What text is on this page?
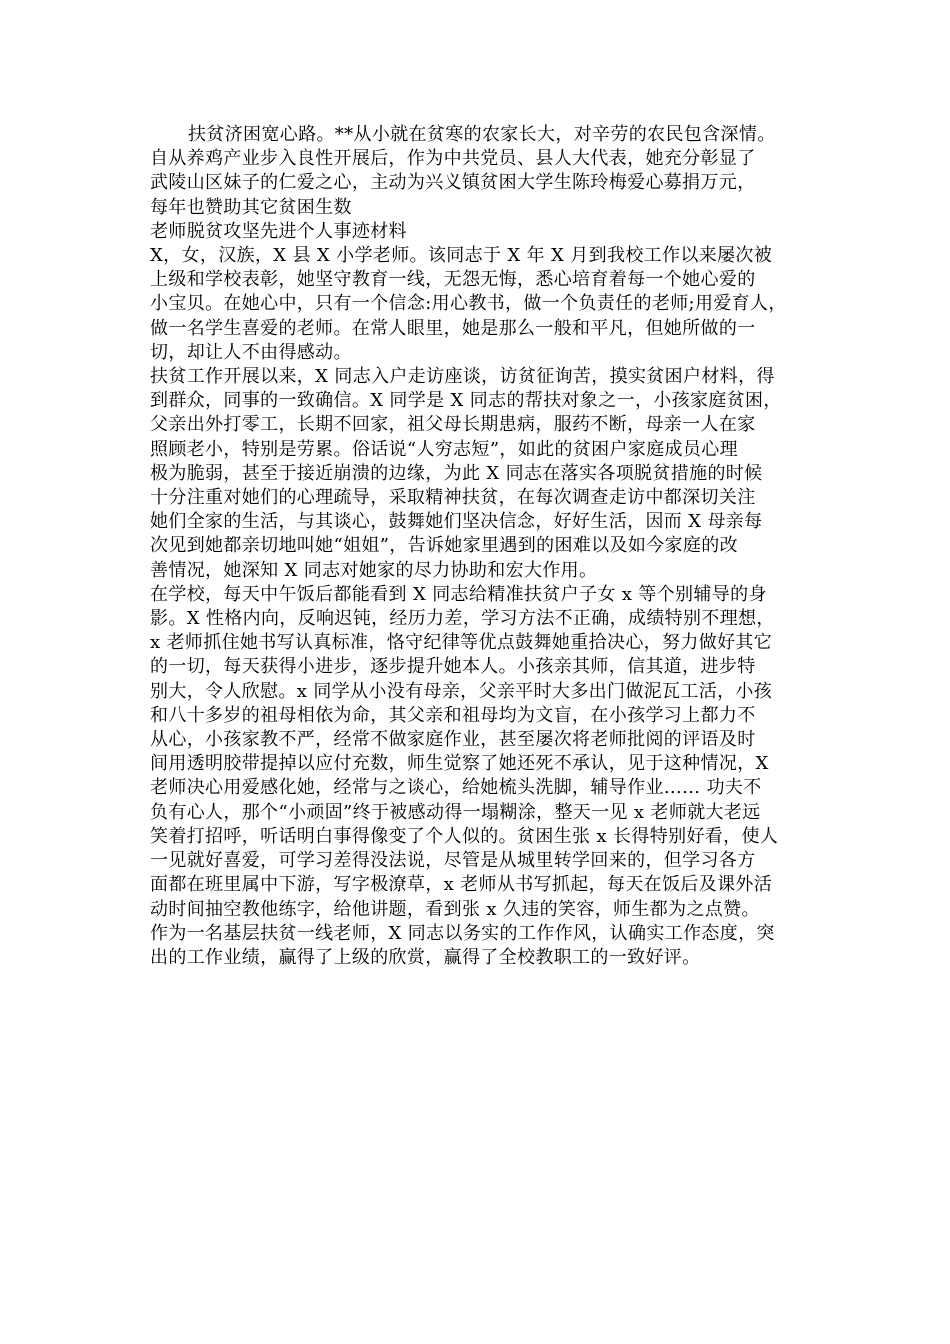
扶贫济困宽心路。**从小就在贫寒的农家长大，对辛劳的农民包含深情。
自从养鸡产业步入良性开展后，作为中共党员、县人大代表，她充分彰显了
武陵山区妹子的仁爱之心，主动为兴义镇贫困大学生陈玲梅爱心募捐万元，
每年也赞助其它贫困生数
老师脱贫攻坚先进个人事迹材料
X，女，汉族，X 县 X 小学老师。该同志于 X 年 X 月到我校工作以来屡次被
上级和学校表彰，她坚守教育一线，无怨无悔，悉心培育着每一个她心爱的
小宝贝。在她心中，只有一个信念:用心教书，做一个负责任的老师;用爱育人，
做一名学生喜爱的老师。在常人眼里，她是那么一般和平凡，但她所做的一
切，却让人不由得感动。
扶贫工作开展以来，X 同志入户走访座谈，访贫征询苦，摸实贫困户材料，得
到群众，同事的一致确信。X 同学是 X 同志的帮扶对象之一，小孩家庭贫困，
父亲出外打零工，长期不回家，祖父母长期患病，服药不断，母亲一人在家
照顾老小，特别是劳累。俗话说“人穷志短”，如此的贫困户家庭成员心理
极为脆弱，甚至于接近崩溃的边缘，为此 X 同志在落实各项脱贫措施的时候
十分注重对她们的心理疏导，采取精神扶贫，在每次调查走访中都深切关注
她们全家的生活，与其谈心，鼓舞她们坚决信念，好好生活，因而 X 母亲每
次见到她都亲切地叫她“姐姐”，告诉她家里遇到的困难以及如今家庭的改
善情况，她深知 X 同志对她家的尽力协助和宏大作用。
在学校，每天中午饭后都能看到 X 同志给精准扶贫户子女 x 等个别辅导的身
影。X 性格内向，反响迟钝，经历力差，学习方法不正确，成绩特别不理想，
x 老师抓住她书写认真标准，恪守纪律等优点鼓舞她重拾决心，努力做好其它
的一切，每天获得小进步，逐步提升她本人。小孩亲其师，信其道，进步特
别大，令人欣慰。x 同学从小没有母亲，父亲平时大多出门做泥瓦工活，小孩
和八十多岁的祖母相依为命，其父亲和祖母均为文盲，在小孩学习上都力不
从心，小孩家教不严，经常不做家庭作业，甚至屡次将老师批阅的评语及时
间用透明胶带提掉以应付充数，师生觉察了她还死不承认，见于这种情况，X
老师决心用爱感化她，经常与之谈心，给她梳头洗脚，辅导作业…… 功夫不
负有心人，那个“小顽固”终于被感动得一塌糊涂，整天一见 x 老师就大老远
笑着打招呼，听话明白事得像变了个人似的。贫困生张 x 长得特别好看，使人
一见就好喜爱，可学习差得没法说，尽管是从城里转学回来的，但学习各方
面都在班里属中下游，写字极潦草，x 老师从书写抓起，每天在饭后及课外活
动时间抽空教他练字，给他讲题，看到张 x 久违的笑容，师生都为之点赞。
作为一名基层扶贫一线老师，X 同志以务实的工作作风，认确实工作态度，突
出的工作业绩，赢得了上级的欣赏，赢得了全校教职工的一致好评。
